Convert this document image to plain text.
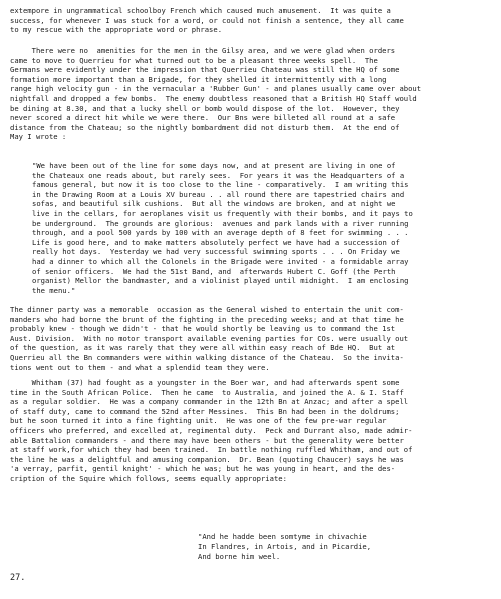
extempore in ungrammatical schoolboy French which caused much amusement.  It was quite a
success, for whenever I was stuck for a word, or could not finish a sentence, they all came
to my rescue with the appropriate word or phrase.
There were no  amenities for the men in the Gilsy area, and we were glad when orders
came to move to Querrieu for what turned out to be a pleasant three weeks spell.  The
Germans were evidently under the impression that Querrieu Chateau was still the HQ of some
formation more important than a Brigade, for they shelled it intermittently with a long
range high velocity gun - in the vernacular a 'Rubber Gun' - and planes usually came over about
nightfall and dropped a few bombs.  The enemy doubtless reasoned that a British HQ Staff would
be dining at 8.30, and that a lucky shell or bomb would dispose of the lot.  However, they
never scored a direct hit while we were there.  Our Bns were billeted all round at a safe
distance from the Chateau; so the nightly bombardment did not disturb them.  At the end of
May I wrote :
"We have been out of the line for some days now, and at present are living in one of
the Chateaux one reads about, but rarely sees.  For years it was the Headquarters of a
famous general, but now it is too close to the line - comparatively.  I am writing this
in the Drawing Room at a Louis XV bureau . . all round there are tapestried chairs and
sofas, and beautiful silk cushions.  But all the windows are broken, and at night we
live in the cellars, for aeroplanes visit us frequently with their bombs, and it pays to
be underground.  The grounds are glorious:  avenues and park lands with a river running
through, and a pool 500 yards by 100 with an average depth of 8 feet for swimming . . .
Life is good here, and to make matters absolutely perfect we have had a succession of
really hot days.  Yesterday we had very successful swimming sports . . . On Friday we
had a dinner to which all the Colonels in the Brigade were invited - a formidable array
of senior officers.  We had the 51st Band, and  afterwards Hubert C. Goff (the Perth
organist) Mellor the bandmaster, and a violinist played until midnight.  I am enclosing
the menu."
The dinner party was a memorable  occasion as the General wished to entertain the unit com-
manders who had borne the brunt of the fighting in the preceding weeks; and at that time he
probably knew - though we didn't - that he would shortly be leaving us to command the 1st
Aust. Division.  With no motor transport available evening parties for COs. were usually out
of the question, as it was rarely that they were all within easy reach of Bde HQ.  But at
Querrieu all the Bn commanders were within walking distance of the Chateau.  So the invita-
tions went out to them - and what a splendid team they were.
Whitham (37) had fought as a youngster in the Boer war, and had afterwards spent some
time in the South African Police.  Then he came  to Australia, and joined the A. & I. Staff
as a regular soldier.  He was a company commander in the 12th Bn at Anzac; and after a spell
of staff duty, came to command the 52nd after Messines.  This Bn had been in the doldrums;
but he soon turned it into a fine fighting unit.  He was one of the few pre-war regular
officers who preferred, and excelled at, regimental duty.  Peck and Durrant also, made admir-
able Battalion commanders - and there may have been others - but the generality were better
at staff work,for which they had been trained.  In battle nothing ruffled Whitham, and out of
the line he was a delightful and amusing companion.  Dr. Bean (quoting Chaucer) says he was
'a verray, parfit, gentil knight' - which he was; but he was young in heart, and the des-
cription of the Squire which follows, seems equally appropriate:
"And he hadde been somtyme in chivachie
In Flandres, in Artois, and in Picardie,
And borne him weel.
27.
